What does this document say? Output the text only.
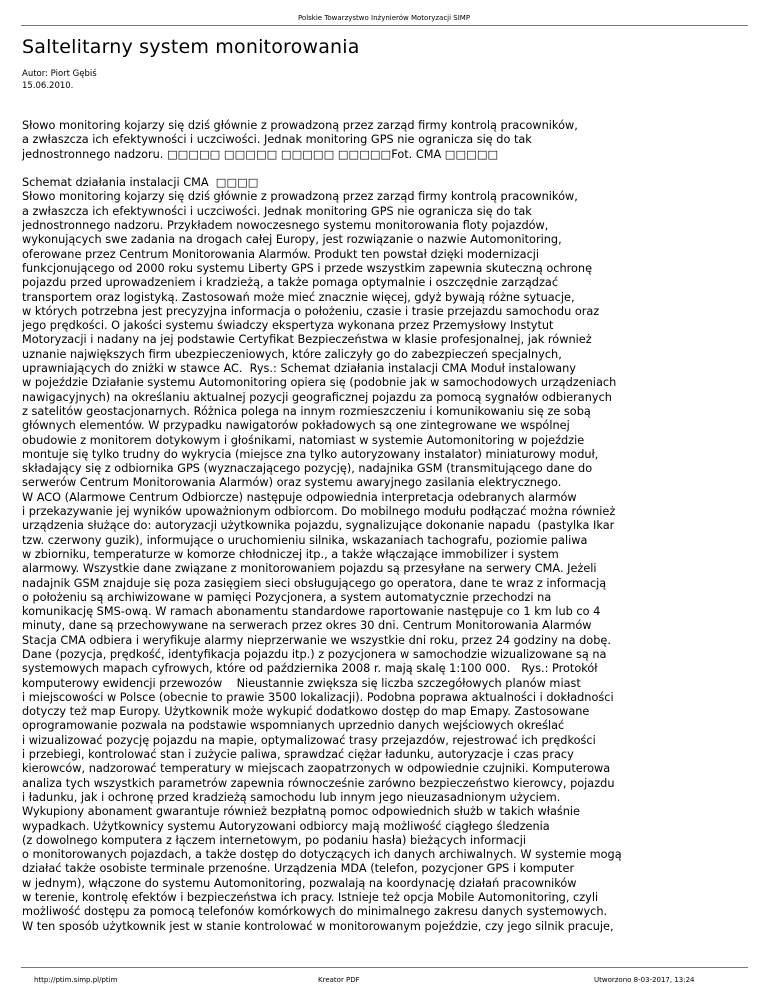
Polskie Towarzystwo Inżynierów Motoryzacji SIMP
Saltelitarny system monitorowania
Autor: Piort Gębiś
15.06.2010.
Słowo monitoring kojarzy się dziś głównie z prowadzoną przez zarząd firmy kontrolą pracowników,
a zwłaszcza ich efektywności i uczciwości. Jednak monitoring GPS nie ogranicza się do tak
jednostronnego nadzoru. □□□□□ □□□□□ □□□□□ □□□□□Fot. CMA □□□□□
Schemat działania instalacji CMA  □□□□
Słowo monitoring kojarzy się dziś głównie z prowadzoną przez zarząd firmy kontrolą pracowników,
a zwłaszcza ich efektywności i uczciwości. Jednak monitoring GPS nie ogranicza się do tak
jednostronnego nadzoru. Przykładem nowoczesnego systemu monitorowania floty pojazdów,
wykonujących swe zadania na drogach całej Europy, jest rozwiązanie o nazwie Automonitoring,
oferowane przez Centrum Monitorowania Alarmów. Produkt ten powstał dzięki modernizacji
funkcjonującego od 2000 roku systemu Liberty GPS i przede wszystkim zapewnia skuteczną ochronę
pojazdu przed uprowadzeniem i kradzieżą, a także pomaga optymalnie i oszczędnie zarządzać
transportem oraz logistyką. Zastosowań może mieć znacznie więcej, gdyż bywają różne sytuacje,
w których potrzebna jest precyzyjna informacja o położeniu, czasie i trasie przejazdu samochodu oraz
jego prędkości. O jakości systemu świadczy ekspertyza wykonana przez Przemysłowy Instytut
Motoryzacji i nadany na jej podstawie Certyfikat Bezpieczeństwa w klasie profesjonalnej, jak również
uznanie największych firm ubezpieczeniowych, które zaliczyły go do zabezpieczeń specjalnych,
uprawniających do zniżki w stawce AC.  Rys.: Schemat działania instalacji CMA Moduł instalowany
w pojeździe Działanie systemu Automonitoring opiera się (podobnie jak w samochodowych urządzeniach
nawigacyjnych) na określaniu aktualnej pozycji geograficznej pojazdu za pomocą sygnałów odbieranych
z satelitów geostacjonarnych. Różnica polega na innym rozmieszczeniu i komunikowaniu się ze sobą
głównych elementów. W przypadku nawigatorów pokładowych są one zintegrowane we wspólnej
obudowie z monitorem dotykowym i głośnikami, natomiast w systemie Automonitoring w pojeździe
montuje się tylko trudny do wykrycia (miejsce zna tylko autoryzowany instalator) miniaturowy moduł,
składający się z odbiornika GPS (wyznaczającego pozycję), nadajnika GSM (transmitującego dane do
serwerów Centrum Monitorowania Alarmów) oraz systemu awaryjnego zasilania elektrycznego.
W ACO (Alarmowe Centrum Odbiorcze) następuje odpowiednia interpretacja odebranych alarmów
i przekazywanie jej wyników upoważnionym odbiorcom. Do mobilnego modułu podłączać można również
urządzenia służące do: autoryzacji użytkownika pojazdu, sygnalizujące dokonanie napadu  (pastylka Ikar
tzw. czerwony guzik), informujące o uruchomieniu silnika, wskazaniach tachografu, poziomie paliwa
w zbiorniku, temperaturze w komorze chłodniczej itp., a także włączające immobilizer i system
alarmowy. Wszystkie dane związane z monitorowaniem pojazdu są przesyłane na serwery CMA. Jeżeli
nadajnik GSM znajduje się poza zasięgiem sieci obsługującego go operatora, dane te wraz z informacją
o położeniu są archiwizowane w pamięci Pozycjonera, a system automatycznie przechodzi na
komunikację SMS-ową. W ramach abonamentu standardowe raportowanie następuje co 1 km lub co 4
minuty, dane są przechowywane na serwerach przez okres 30 dni. Centrum Monitorowania Alarmów
Stacja CMA odbiera i weryfikuje alarmy nieprzerwanie we wszystkie dni roku, przez 24 godziny na dobę.
Dane (pozycja, prędkość, identyfikacja pojazdu itp.) z pozycjonera w samochodzie wizualizowane są na
systemowych mapach cyfrowych, które od października 2008 r. mają skalę 1:100 000.   Rys.: Protokół
komputerowy ewidencji przewozów    Nieustannie zwiększa się liczba szczegółowych planów miast
i miejscowości w Polsce (obecnie to prawie 3500 lokalizacji). Podobna poprawa aktualności i dokładności
dotyczy też map Europy. Użytkownik może wykupić dodatkowo dostęp do map Emapy. Zastosowane
oprogramowanie pozwala na podstawie wspomnianych uprzednio danych wejściowych określać
i wizualizować pozycję pojazdu na mapie, optymalizować trasy przejazdów, rejestrować ich prędkości
i przebiegi, kontrolować stan i zużycie paliwa, sprawdzać ciężar ładunku, autoryzacje i czas pracy
kierowców, nadzorować temperatury w miejscach zaopatrzonych w odpowiednie czujniki. Komputerowa
analiza tych wszystkich parametrów zapewnia równocześnie zarówno bezpieczeństwo kierowcy, pojazdu
i ładunku, jak i ochronę przed kradzieżą samochodu lub innym jego nieuzasadnionym użyciem.
Wykupiony abonament gwarantuje również bezpłatną pomoc odpowiednich służb w takich właśnie
wypadkach. Użytkownicy systemu Autoryzowani odbiorcy mają możliwość ciągłego śledzenia
(z dowolnego komputera z łączem internetowym, po podaniu hasła) bieżących informacji
o monitorowanych pojazdach, a także dostęp do dotyczących ich danych archiwalnych. W systemie mogą
działać także osobiste terminale przenośne. Urządzenia MDA (telefon, pozycjoner GPS i komputer
w jednym), włączone do systemu Automonitoring, pozwalają na koordynację działań pracowników
w terenie, kontrolę efektów i bezpieczeństwa ich pracy. Istnieje też opcja Mobile Automonitoring, czyli
możliwość dostępu za pomocą telefonów komórkowych do minimalnego zakresu danych systemowych.
W ten sposób użytkownik jest w stanie kontrolować w monitorowanym pojeździe, czy jego silnik pracuje,
http://ptim.simp.pl/ptim	Kreator PDF	Utworzono 8-03-2017, 13:24
